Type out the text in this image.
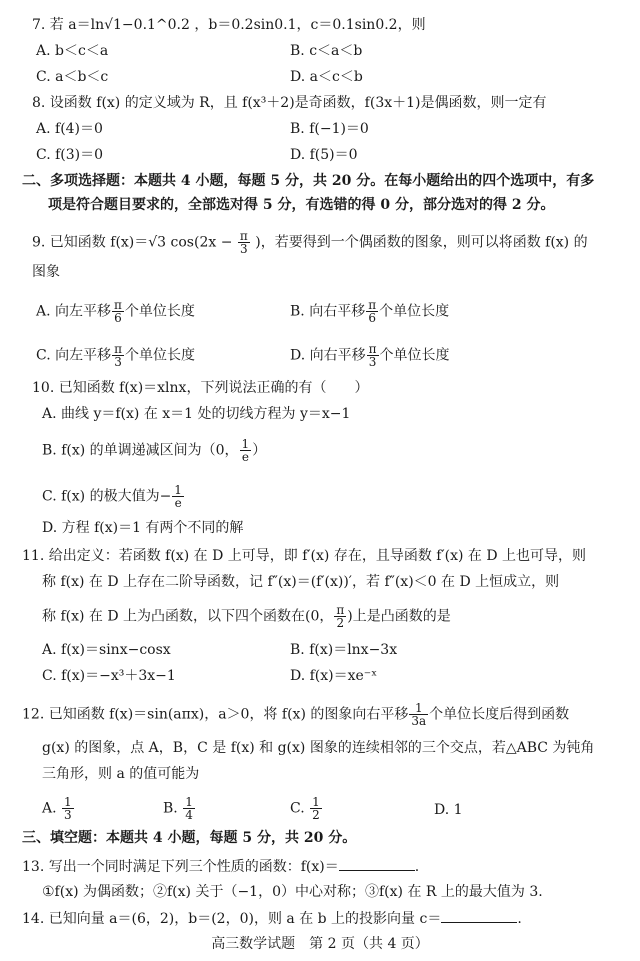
7. 若 a＝ln√1−0.1^0.2 ，b＝0.2sin0.1，c＝0.1sin0.2，则
A. b＜c＜a	B. c＜a＜b
C. a＜b＜c	D. a＜c＜b
8. 设函数 f(x) 的定义域为 R，且 f(x³＋2)是奇函数，f(3x＋1)是偶函数，则一定有
A. f(4)＝0	B. f(−1)＝0
C. f(3)＝0	D. f(5)＝0
二、多项选择题：本题共 4 小题，每题 5 分，共 20 分。在每小题给出的四个选项中，有多
项是符合题目要求的，全部选对得 5 分，有选错的得 0 分，部分选对的得 2 分。
9. 已知函数 f(x)＝√3 $\cos(2x - \frac{\pi}{3}$ )，若要得到一个偶函数的图象，则可以将函数 f(x) 的
图象
A. 向左平移 $\frac{\pi}{6}$ 个单位长度	B. 向右平移 $\frac{\pi}{6}$ 个单位长度
C. 向左平移 $\frac{\pi}{3}$ 个单位长度	D. 向右平移 $\frac{\pi}{3}$ 个单位长度
10. 已知函数 f(x)＝xlnx，下列说法正确的有（　　）
A. 曲线 y＝f(x) 在 x＝1 处的切线方程为 y＝x−1
B. f(x) 的单调递减区间为（0， $\frac{1}{e}$ ）
C. f(x) 的极大值为− $\frac{1}{e}$
D. 方程 f(x)＝1 有两个不同的解
11. 给出定义：若函数 f(x) 在 D 上可导，即 f′(x) 存在，且导函数 f′(x) 在 D 上也可导，则
称 f(x) 在 D 上存在二阶导函数，记 f″(x)＝(f′(x))′，若 f″(x)＜0 在 D 上恒成立，则
称 f(x) 在 D 上为凸函数，以下四个函数在(0， $\frac{\pi}{2}$ )上是凸函数的是
A. f(x)＝sinx−cosx	B. f(x)＝lnx−3x
C. f(x)＝−x³＋3x−1	D. f(x)＝xe⁻ˣ
12. 已知函数 f(x)＝sin(aπx)，a＞0，将 f(x) 的图象向右平移 $\frac{1}{3a}$ 个单位长度后得到函数
g(x) 的图象，点 A，B，C 是 f(x) 和 g(x) 图象的连续相邻的三个交点，若△ABC 为钝角
三角形，则 a 的值可能为
A. $\frac{1}{3}$	B. $\frac{1}{4}$	C. $\frac{1}{2}$	D. 1
三、填空题：本题共 4 小题，每题 5 分，共 20 分。
13. 写出一个同时满足下列三个性质的函数：f(x)＝	.
①f(x) 为偶函数；②f(x) 关于（−1，0）中心对称；③f(x) 在 R 上的最大值为 3.
14. 已知向量 a＝(6，2)，b＝(2，0)，则 a 在 b 上的投影向量 c＝	.
高三数学试题　第 2 页（共 4 页）
